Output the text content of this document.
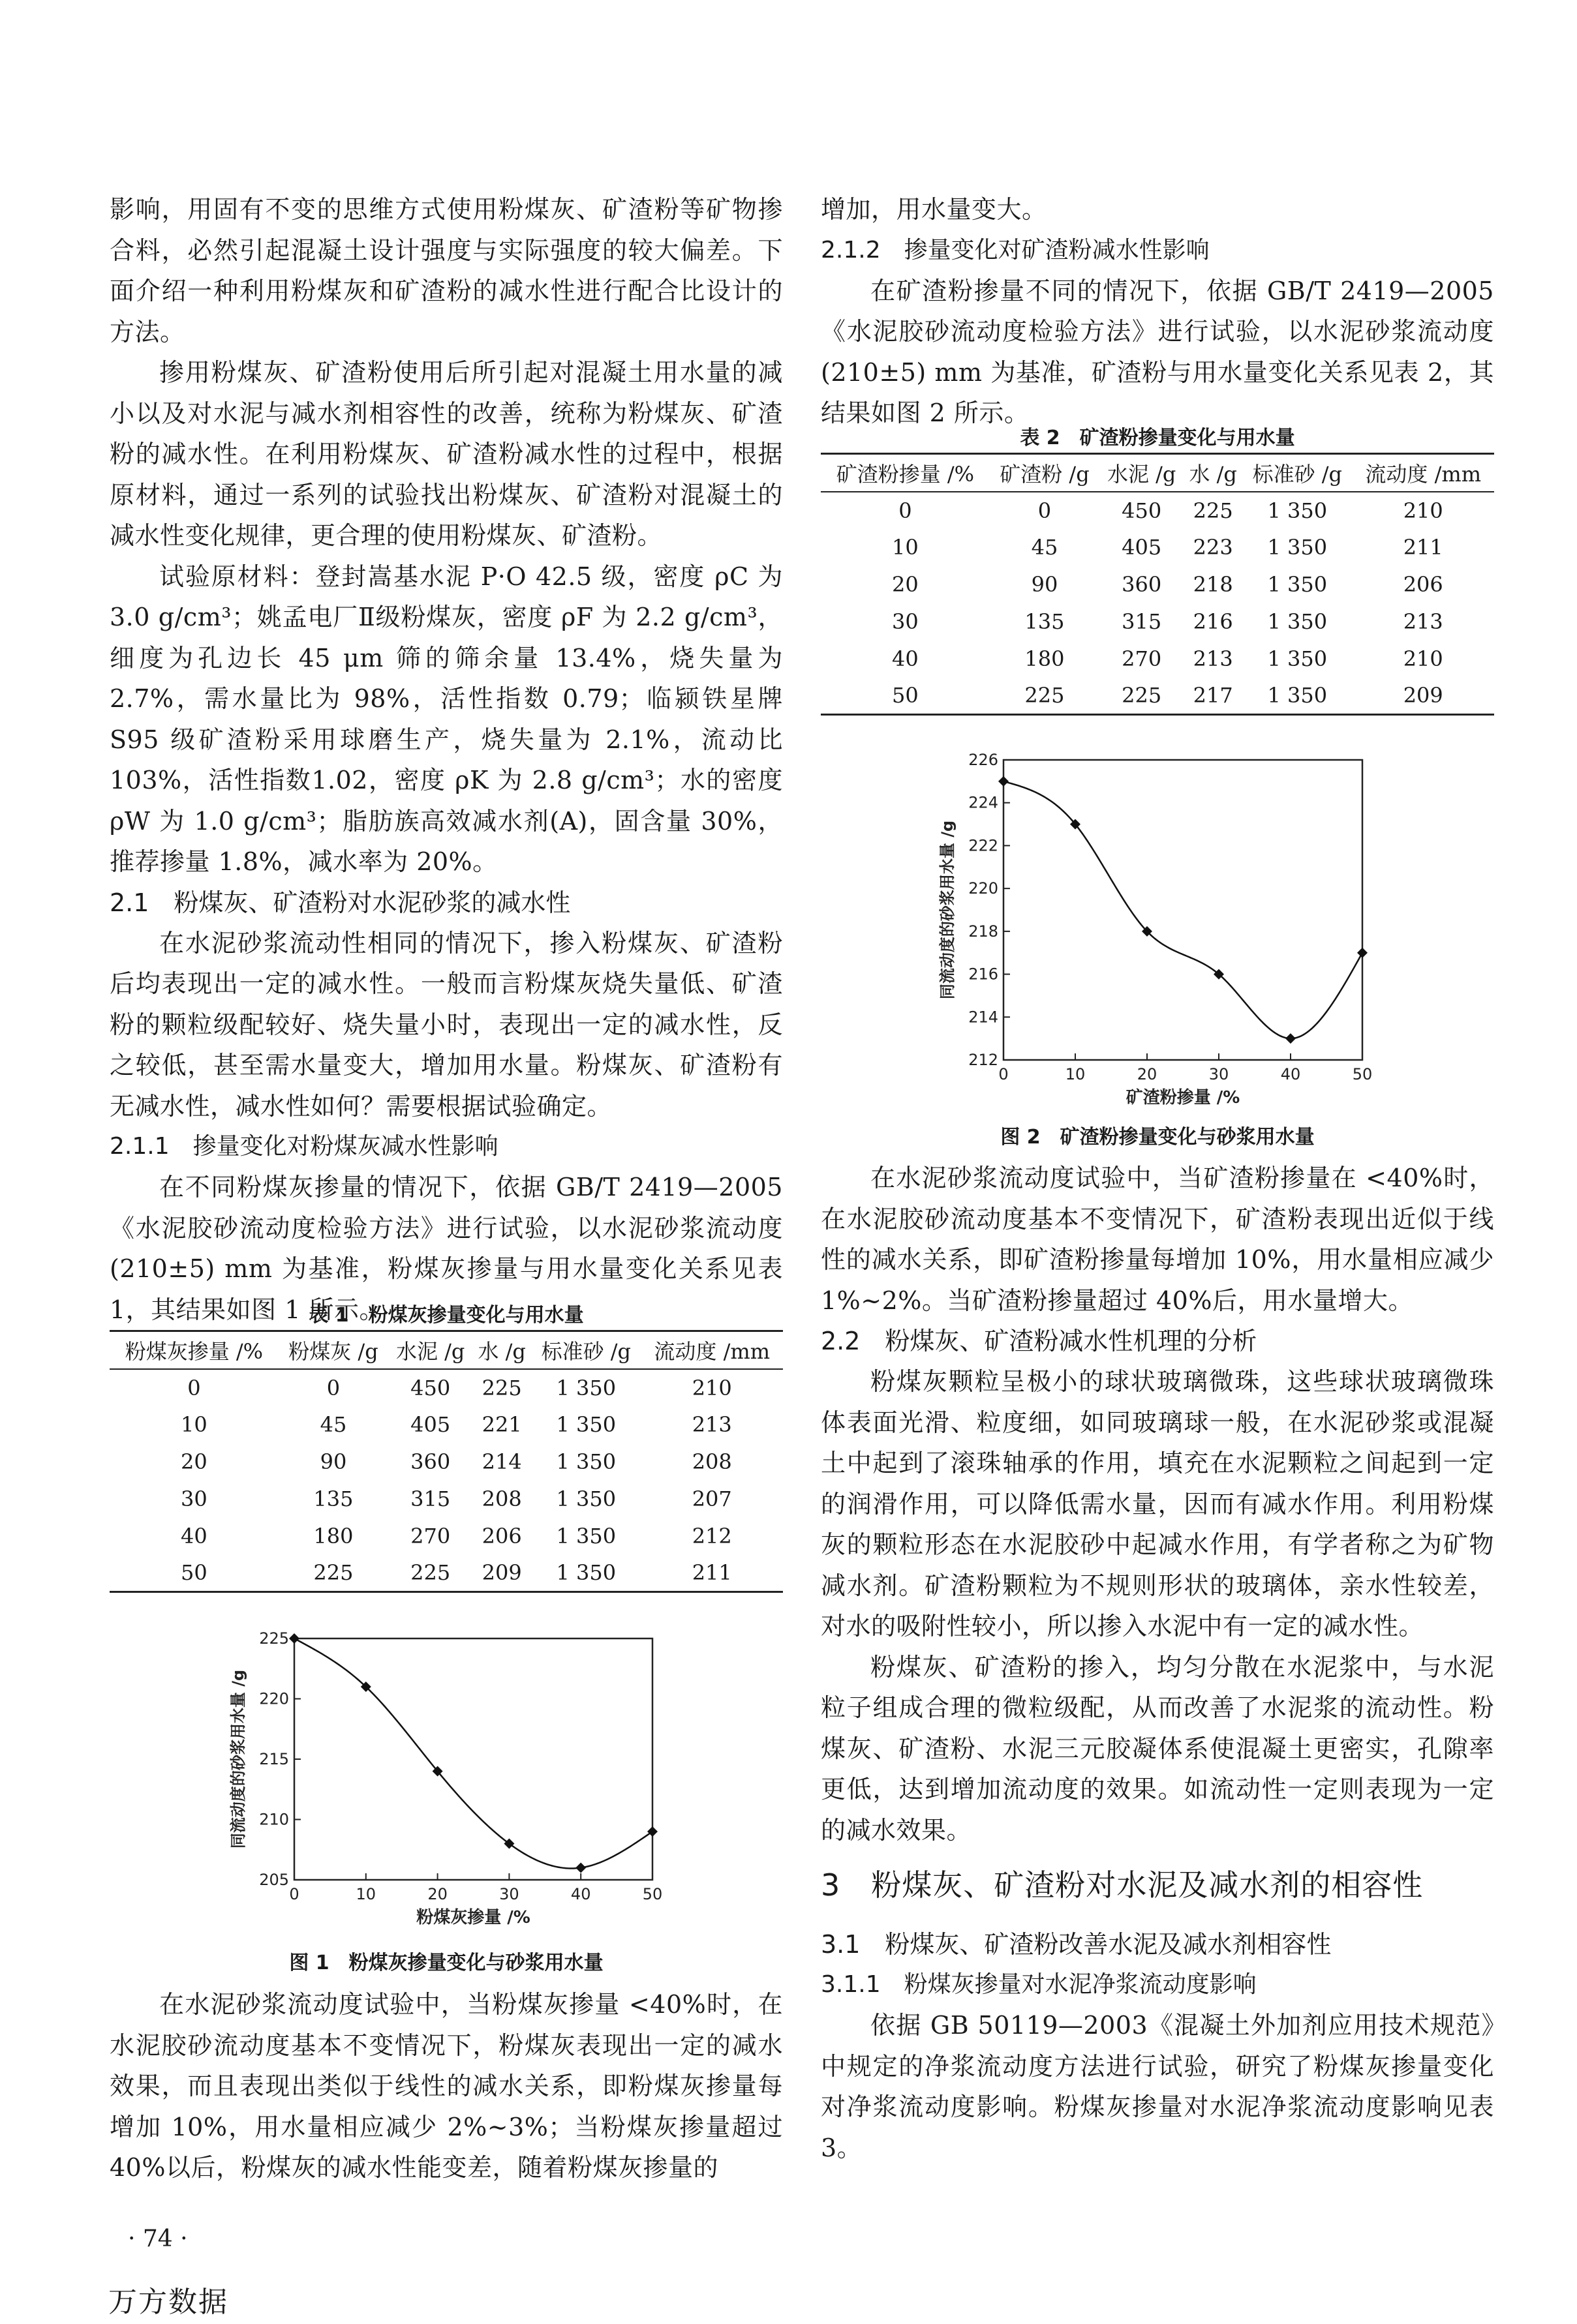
影响，用固有不变的思维方式使用粉煤灰、矿渣粉等矿物掺合料，必然引起混凝土设计强度与实际强度的较大偏差。下面介绍一种利用粉煤灰和矿渣粉的减水性进行配合比设计的方法。

掺用粉煤灰、矿渣粉使用后所引起对混凝土用水量的减小以及对水泥与减水剂相容性的改善，统称为粉煤灰、矿渣粉的减水性。在利用粉煤灰、矿渣粉减水性的过程中，根据原材料，通过一系列的试验找出粉煤灰、矿渣粉对混凝土的减水性变化规律，更合理的使用粉煤灰、矿渣粉。

试验原材料：登封嵩基水泥 P·O 42.5 级，密度 ρC 为 3.0 g/cm³；姚孟电厂Ⅱ级粉煤灰，密度 ρF 为 2.2 g/cm³，细度为孔边长 45 μm 筛的筛余量 13.4%，烧失量为 2.7%，需水量比为 98%，活性指数 0.79；临颍铁星牌 S95 级矿渣粉采用球磨生产，烧失量为 2.1%，流动比 103%，活性指数1.02，密度 ρK 为 2.8 g/cm³；水的密度 ρW 为 1.0 g/cm³；脂肪族高效减水剂(A)，固含量 30%，推荐掺量 1.8%，减水率为 20%。

2.1　粉煤灰、矿渣粉对水泥砂浆的减水性

在水泥砂浆流动性相同的情况下，掺入粉煤灰、矿渣粉后均表现出一定的减水性。一般而言粉煤灰烧失量低、矿渣粉的颗粒级配较好、烧失量小时，表现出一定的减水性，反之较低，甚至需水量变大，增加用水量。粉煤灰、矿渣粉有无减水性，减水性如何？需要根据试验确定。

2.1.1　掺量变化对粉煤灰减水性影响

在不同粉煤灰掺量的情况下，依据 GB/T 2419—2005《水泥胶砂流动度检验方法》进行试验，以水泥砂浆流动度(210±5) mm 为基准，粉煤灰掺量与用水量变化关系见表 1，其结果如图 1 所示。

表 1　粉煤灰掺量变化与用水量
粉煤灰掺量 /%	粉煤灰 /g	水泥 /g	水 /g	标准砂 /g	流动度 /mm
0	0	450	225	1 350	210
10	45	405	221	1 350	213
20	90	360	214	1 350	208
30	135	315	208	1 350	207
40	180	270	206	1 350	212
50	225	225	209	1 350	211
0	10	20	30	40	50
205
210
215
220
225
粉煤灰掺量 /%
同流动度的砂浆用水量 /g
图 1　粉煤灰掺量变化与砂浆用水量

在水泥砂浆流动度试验中，当粉煤灰掺量 <40%时，在水泥胶砂流动度基本不变情况下，粉煤灰表现出一定的减水效果，而且表现出类似于线性的减水关系，即粉煤灰掺量每增加 10%，用水量相应减少 2%~3%；当粉煤灰掺量超过 40%以后，粉煤灰的减水性能变差，随着粉煤灰掺量的

增加，用水量变大。

2.1.2　掺量变化对矿渣粉减水性影响

在矿渣粉掺量不同的情况下，依据 GB/T 2419—2005《水泥胶砂流动度检验方法》进行试验，以水泥砂浆流动度(210±5) mm 为基准，矿渣粉与用水量变化关系见表 2，其结果如图 2 所示。

表 2　矿渣粉掺量变化与用水量
矿渣粉掺量 /%	矿渣粉 /g	水泥 /g	水 /g	标准砂 /g	流动度 /mm
0	0	450	225	1 350	210
10	45	405	223	1 350	211
20	90	360	218	1 350	206
30	135	315	216	1 350	213
40	180	270	213	1 350	210
50	225	225	217	1 350	209
0	10	20	30	40	50
212
214
216
218
220
222
224
226
矿渣粉掺量 /%
同流动度的砂浆用水量 /g
图 2　矿渣粉掺量变化与砂浆用水量

在水泥砂浆流动度试验中，当矿渣粉掺量在 <40%时，在水泥胶砂流动度基本不变情况下，矿渣粉表现出近似于线性的减水关系，即矿渣粉掺量每增加 10%，用水量相应减少 1%~2%。当矿渣粉掺量超过 40%后，用水量增大。

2.2　粉煤灰、矿渣粉减水性机理的分析

粉煤灰颗粒呈极小的球状玻璃微珠，这些球状玻璃微珠体表面光滑、粒度细，如同玻璃球一般，在水泥砂浆或混凝土中起到了滚珠轴承的作用，填充在水泥颗粒之间起到一定的润滑作用，可以降低需水量，因而有减水作用。利用粉煤灰的颗粒形态在水泥胶砂中起减水作用，有学者称之为矿物减水剂。矿渣粉颗粒为不规则形状的玻璃体，亲水性较差，对水的吸附性较小，所以掺入水泥中有一定的减水性。

粉煤灰、矿渣粉的掺入，均匀分散在水泥浆中，与水泥粒子组成合理的微粒级配，从而改善了水泥浆的流动性。粉煤灰、矿渣粉、水泥三元胶凝体系使混凝土更密实，孔隙率更低，达到增加流动度的效果。如流动性一定则表现为一定的减水效果。

3　粉煤灰、矿渣粉对水泥及减水剂的相容性
3.1　粉煤灰、矿渣粉改善水泥及减水剂相容性
3.1.1　粉煤灰掺量对水泥净浆流动度影响

依据 GB 50119—2003《混凝土外加剂应用技术规范》中规定的净浆流动度方法进行试验，研究了粉煤灰掺量变化对净浆流动度影响。粉煤灰掺量对水泥净浆流动度影响见表 3。

· 74 ·
万方数据
